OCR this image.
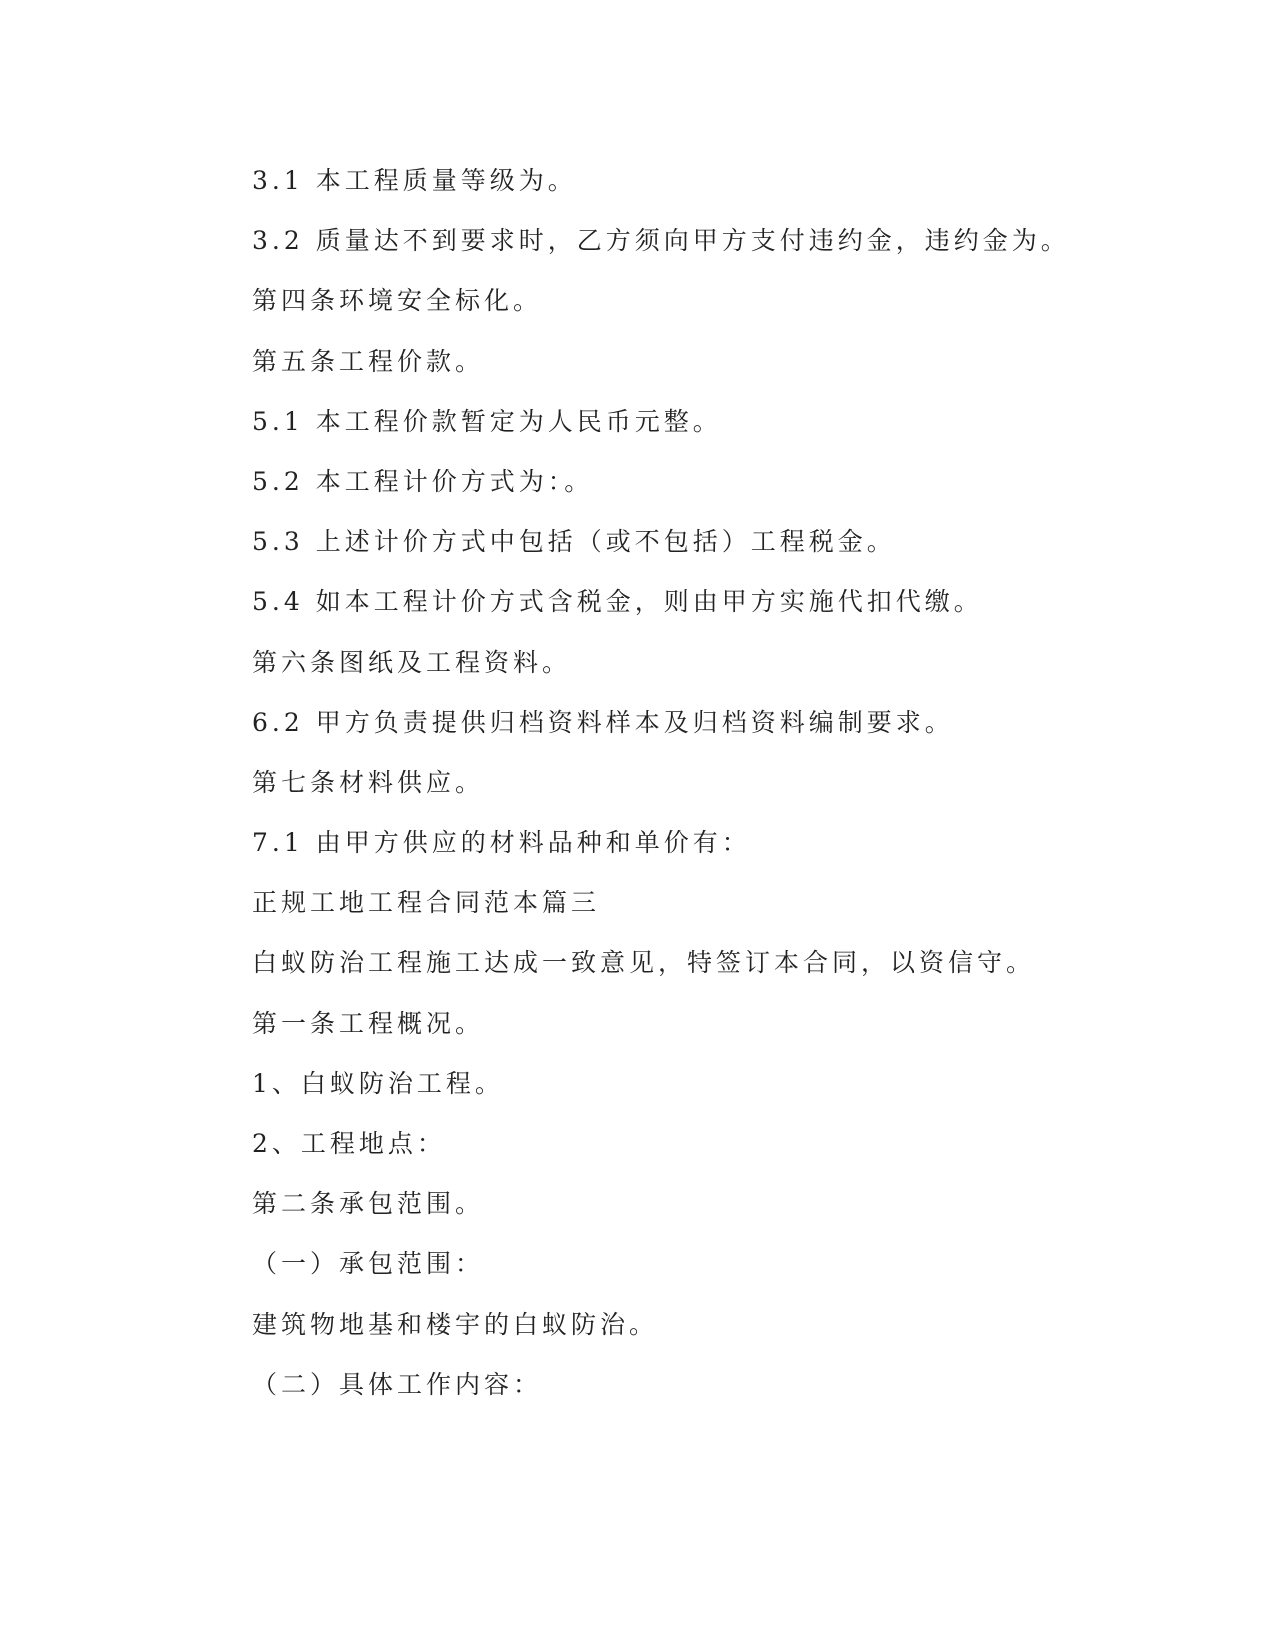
3.1 本工程质量等级为。
3.2 质量达不到要求时，乙方须向甲方支付违约金，违约金为。
第四条环境安全标化。
第五条工程价款。
5.1 本工程价款暂定为人民币元整。
5.2 本工程计价方式为：。
5.3 上述计价方式中包括（或不包括）工程税金。
5.4 如本工程计价方式含税金，则由甲方实施代扣代缴。
第六条图纸及工程资料。
6.2 甲方负责提供归档资料样本及归档资料编制要求。
第七条材料供应。
7.1 由甲方供应的材料品种和单价有：
正规工地工程合同范本篇三
白蚁防治工程施工达成一致意见，特签订本合同，以资信守。
第一条工程概况。
1、白蚁防治工程。
2、工程地点：
第二条承包范围。
（一）承包范围：
建筑物地基和楼宇的白蚁防治。
（二）具体工作内容：
